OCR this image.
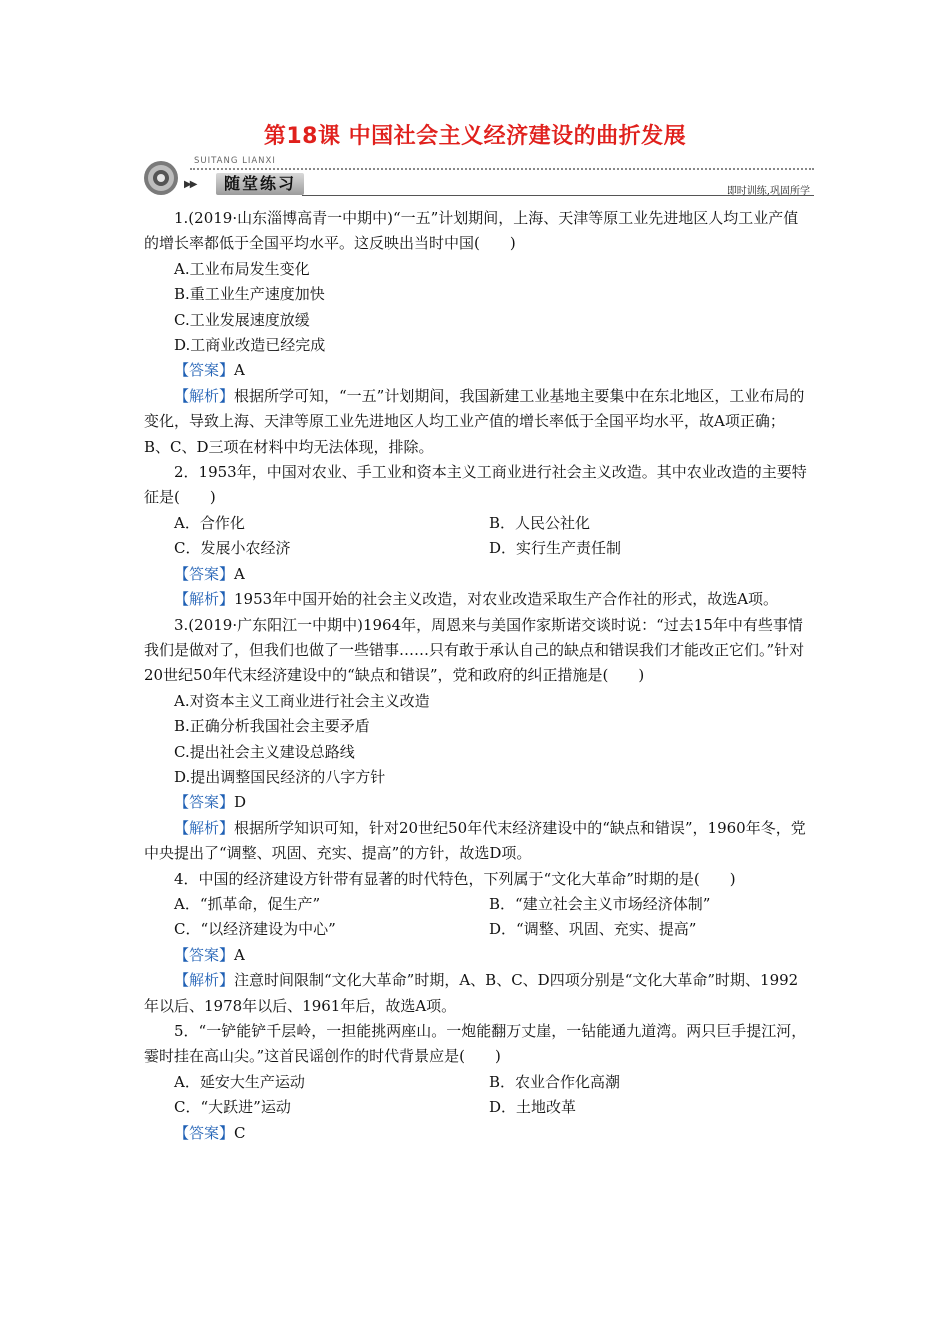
第18课 中国社会主义经济建设的曲折发展
▶▶
SUITANG LIANXI
随堂练习	即时训练,巩固所学

1.(2019·山东淄博高青一中期中)“一五”计划期间，上海、天津等原工业先进地区人均工业产值的增长率都低于全国平均水平。这反映出当时中国(　　)

A.工业布局发生变化

B.重工业生产速度加快

C.工业发展速度放缓

D.工商业改造已经完成

【答案】A

【解析】根据所学可知，“一五”计划期间，我国新建工业基地主要集中在东北地区，工业布局的变化，导致上海、天津等原工业先进地区人均工业产值的增长率低于全国平均水平，故A项正确；B、C、D三项在材料中均无法体现，排除。

2．1953年，中国对农业、手工业和资本主义工商业进行社会主义改造。其中农业改造的主要特征是(　　)

A．合作化	B．人民公社化
C．发展小农经济	D．实行生产责任制

【答案】A

【解析】1953年中国开始的社会主义改造，对农业改造采取生产合作社的形式，故选A项。

3.(2019·广东阳江一中期中)1964年，周恩来与美国作家斯诺交谈时说：“过去15年中有些事情我们是做对了，但我们也做了一些错事……只有敢于承认自己的缺点和错误我们才能改正它们。”针对20世纪50年代末经济建设中的“缺点和错误”，党和政府的纠正措施是(　　)

A.对资本主义工商业进行社会主义改造

B.正确分析我国社会主要矛盾

C.提出社会主义建设总路线

D.提出调整国民经济的八字方针

【答案】D

【解析】根据所学知识可知，针对20世纪50年代末经济建设中的“缺点和错误”，1960年冬，党中央提出了“调整、巩固、充实、提高”的方针，故选D项。

4．中国的经济建设方针带有显著的时代特色，下列属于“文化大革命”时期的是(　　)

A．“抓革命，促生产”	B．“建立社会主义市场经济体制”
C．“以经济建设为中心”	D．“调整、巩固、充实、提高”

【答案】A

【解析】注意时间限制“文化大革命”时期，A、B、C、D四项分别是“文化大革命”时期、1992年以后、1978年以后、1961年后，故选A项。

5．“一铲能铲千层岭，一担能挑两座山。一炮能翻万丈崖，一钻能通九道湾。两只巨手提江河，霎时挂在高山尖。”这首民谣创作的时代背景应是(　　)

A．延安大生产运动	B．农业合作化高潮
C．“大跃进”运动	D．土地改革

【答案】C
